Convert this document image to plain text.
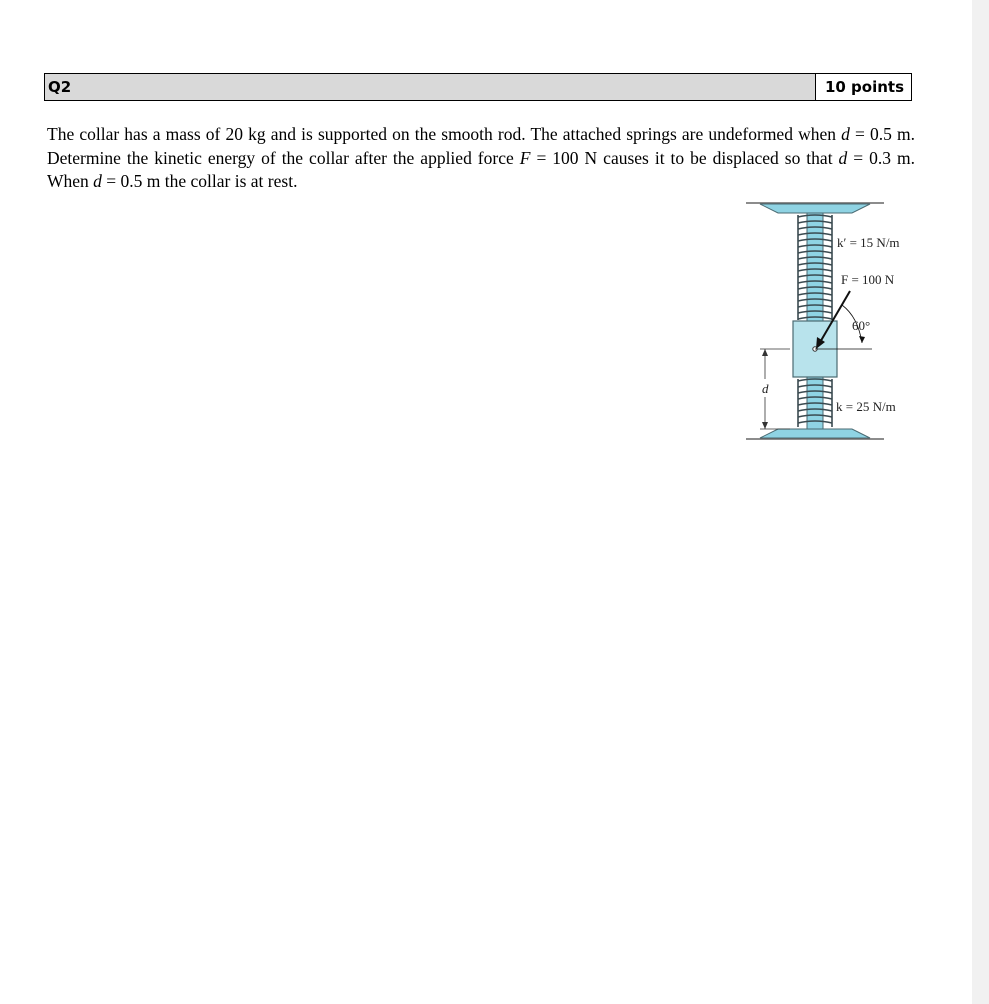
Q2	10 points
The collar has a mass of 20 kg and is supported on the smooth rod. The attached springs are undeformed when d = 0.5 m. Determine the kinetic energy of the collar after the applied force F = 100 N causes it to be displaced so that d = 0.3 m. When d = 0.5 m the collar is at rest.
k′ = 15 N/m
F = 100 N
60°
k = 25 N/m
d
